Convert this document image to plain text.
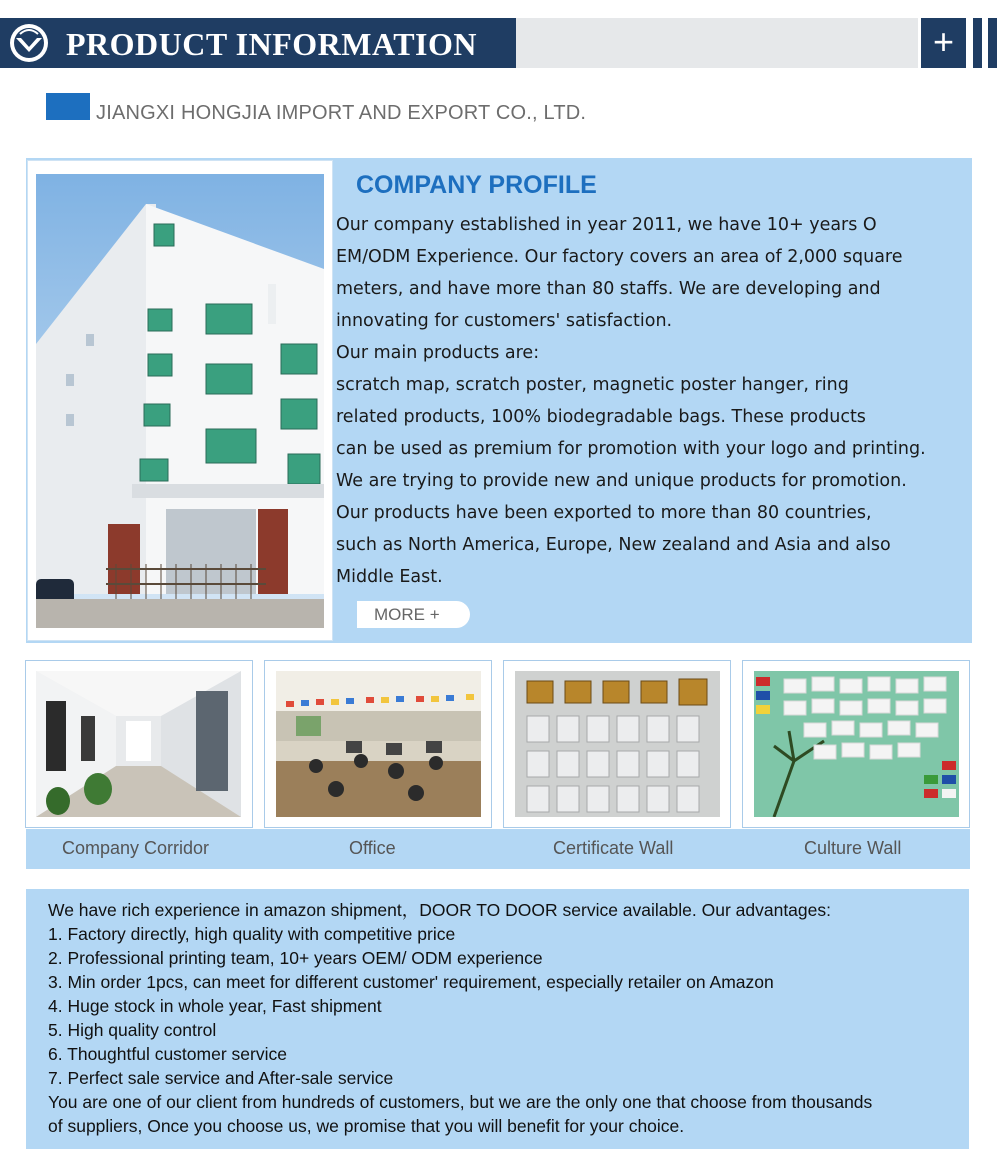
PRODUCT INFORMATION	+
JIANGXI HONGJIA IMPORT AND EXPORT CO., LTD.
COMPANY PROFILE

Our company established in year 2011, we have 10+ years O

EM/ODM Experience. Our factory covers an area of 2,000 square

meters, and have more than 80 staffs. We are developing and

innovating for customers' satisfaction.

Our main products are:

scratch map, scratch poster, magnetic poster hanger, ring

related products, 100% biodegradable bags. These products

can be used as premium for promotion with your logo and printing.

We are trying to provide new and unique products for promotion.

Our products have been exported to more than 80 countries,

such as North America, Europe, New zealand and Asia and also

Middle East.

MORE +
Company Corridor	Office	Certificate Wall	Culture Wall

We have rich experience in amazon shipment，DOOR TO DOOR service available. Our advantages:

1. Factory directly, high quality with competitive price

2. Professional printing team, 10+ years OEM/ ODM experience

3. Min order 1pcs, can meet for different customer' requirement, especially retailer on Amazon

4. Huge stock in whole year, Fast shipment

5. High quality control

6. Thoughtful customer service

7. Perfect sale service and After-sale service

You are one of our client from hundreds of customers, but we are the only one that choose from thousands

of suppliers, Once you choose us, we promise that you will benefit for your choice.
